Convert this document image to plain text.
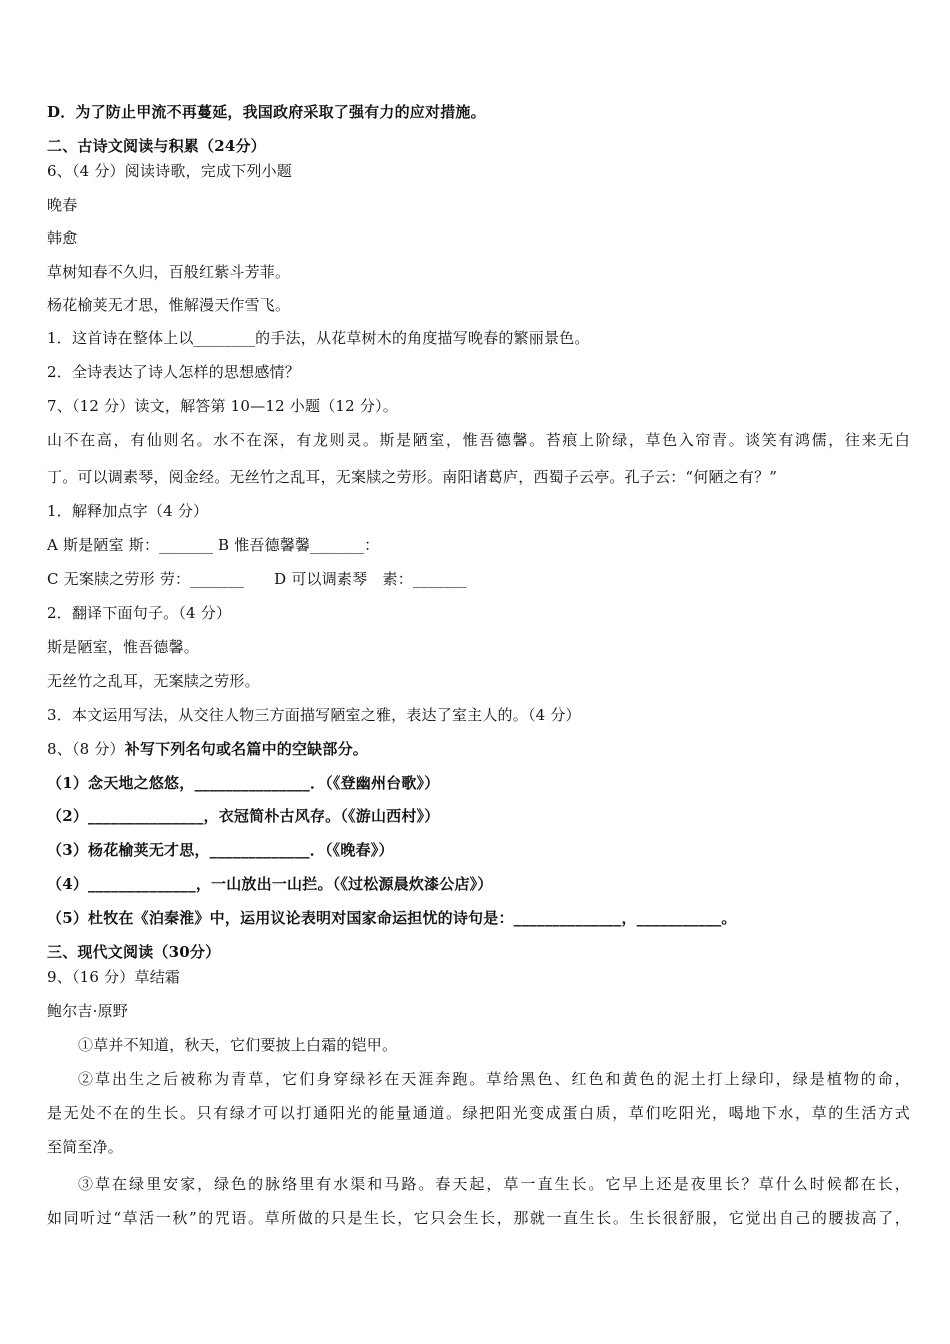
D．为了防止甲流不再蔓延，我国政府采取了强有力的应对措施。
二、古诗文阅读与积累（24分）
6、（4 分）阅读诗歌，完成下列小题
晚春
韩愈
草树知春不久归，百般红紫斗芳菲。
杨花榆荚无才思，惟解漫天作雪飞。
1．这首诗在整体上以________的手法，从花草树木的角度描写晚春的繁丽景色。
2．全诗表达了诗人怎样的思想感情？
7、（12 分）读文，解答第 10—12 小题（12 分）。
山不在高，有仙则名。水不在深，有龙则灵。斯是陋室，惟吾德馨。苔痕上阶绿，草色入帘青。谈笑有鸿儒，往来无白
丁。可以调素琴，阅金经。无丝竹之乱耳，无案牍之劳形。南阳诸葛庐，西蜀子云亭。孔子云：“何陋之有？”
1．解释加点字（4 分）
A 斯是陋室 斯：_______ B 惟吾德馨馨_______：
C 无案牍之劳形 劳：_______ D 可以调素琴　素：_______
2．翻译下面句子。（4 分）
斯是陋室，惟吾德馨。
无丝竹之乱耳，无案牍之劳形。
3．本文运用写法，从交往人物三方面描写陋室之雅，表达了室主人的。（4 分）
8、（8 分）补写下列名句或名篇中的空缺部分。
（1）念天地之悠悠，_______________．（《登幽州台歌》）
（2）_______________，衣冠简朴古风存。（《游山西村》）
（3）杨花榆荚无才思，_____________．（《晚春》）
（4）______________，一山放出一山拦。（《过松源晨炊漆公店》）
（5）杜牧在《泊秦淮》中，运用议论表明对国家命运担忧的诗句是：______________，___________。
三、现代文阅读（30分）
9、（16 分）草结霜
鲍尔吉·原野
①草并不知道，秋天，它们要披上白霜的铠甲。
②草出生之后被称为青草，它们身穿绿衫在天涯奔跑。草给黑色、红色和黄色的泥土打上绿印，绿是植物的命，
是无处不在的生长。只有绿才可以打通阳光的能量通道。绿把阳光变成蛋白质，草们吃阳光，喝地下水，草的生活方式
至简至净。
③草在绿里安家，绿色的脉络里有水渠和马路。春天起，草一直生长。它早上还是夜里长？草什么时候都在长，
如同听过“草活一秋”的咒语。草所做的只是生长，它只会生长，那就一直生长。生长很舒服，它觉出自己的腰拔高了，
